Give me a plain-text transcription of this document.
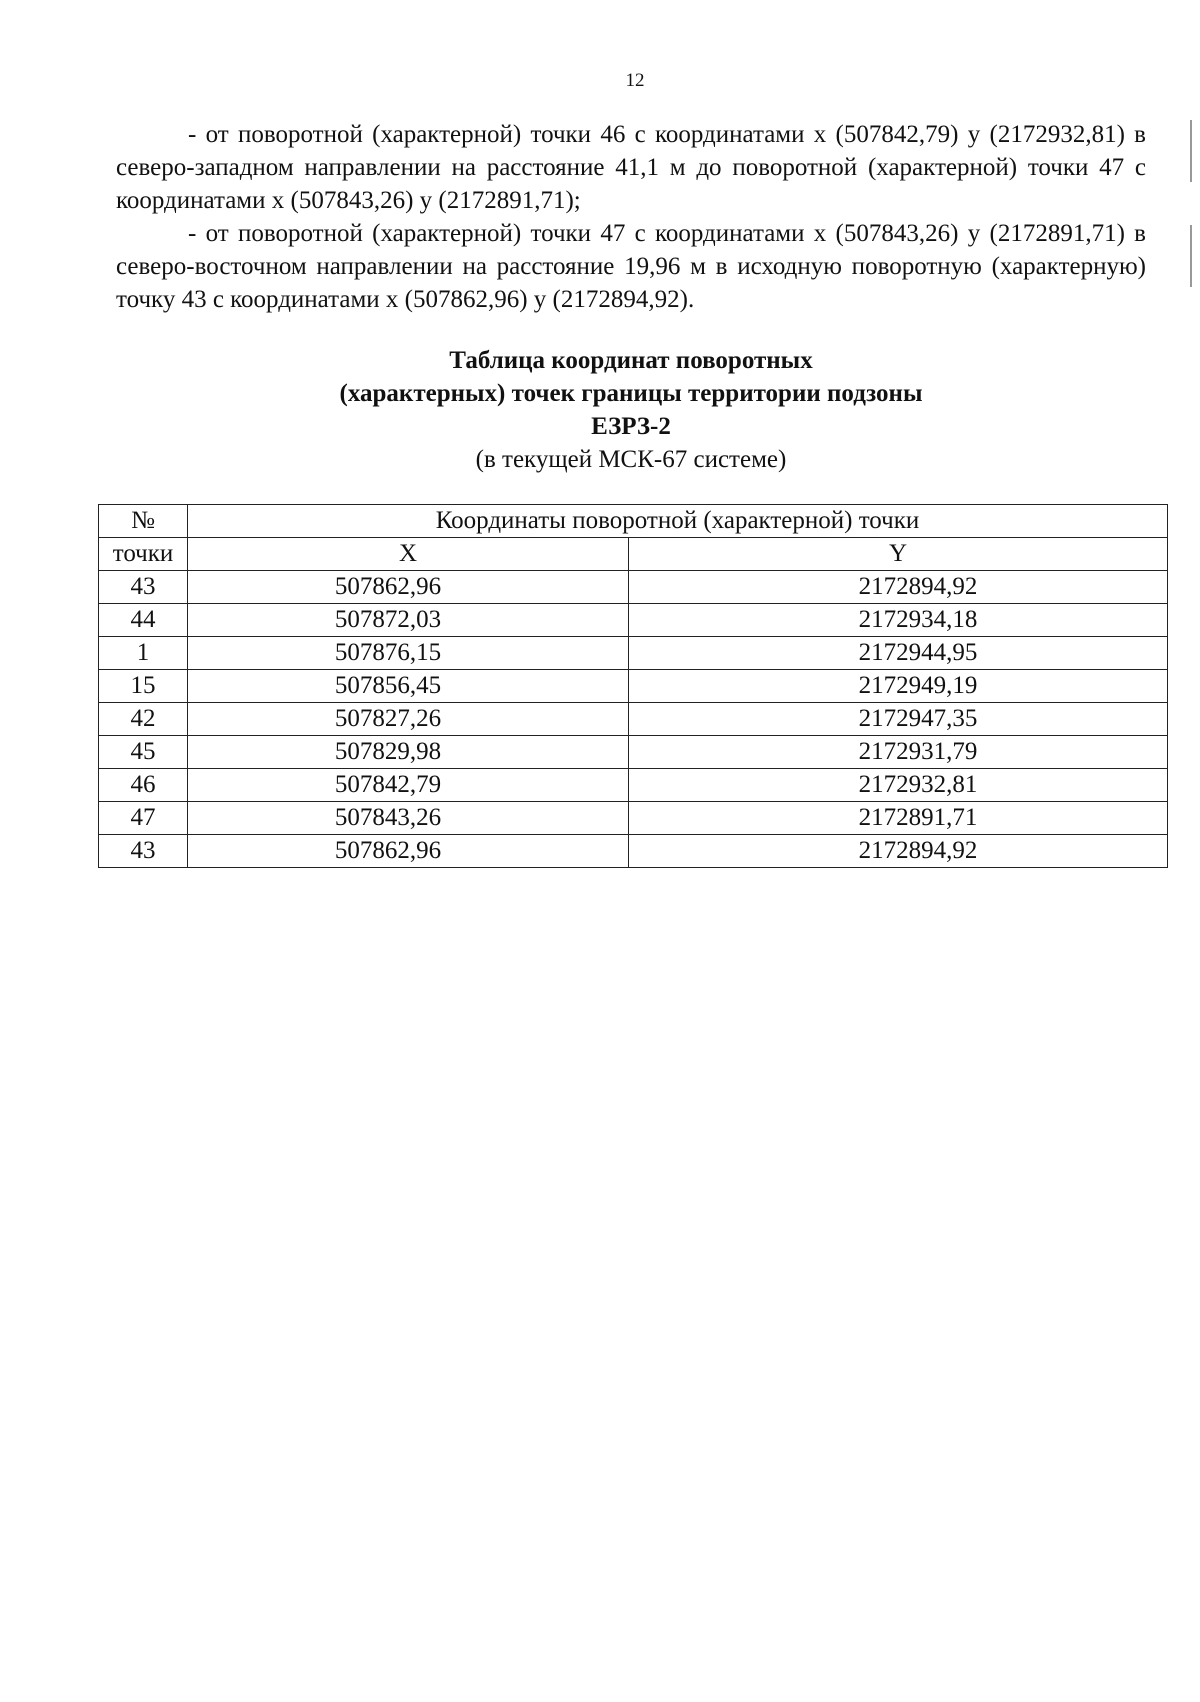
12

- от поворотной (характерной) точки 46 с координатами х (507842,79) у (2172932,81) в северо-западном направлении на расстояние 41,1 м до поворотной (характерной) точки 47 с координатами х (507843,26) у (2172891,71);

- от поворотной (характерной) точки 47 с координатами х (507843,26) у (2172891,71) в северо-восточном направлении на расстояние 19,96 м в исходную поворотную (характерную) точку 43 с координатами х (507862,96) у (2172894,92).

Таблица координат поворотных
(характерных) точек границы территории подзоны
ЕЗРЗ-2
(в текущей МСК-67 системе)
№	Координаты поворотной (характерной) точки	
точки	X	Y
43	507862,96	2172894,92
44	507872,03	2172934,18
1	507876,15	2172944,95
15	507856,45	2172949,19
42	507827,26	2172947,35
45	507829,98	2172931,79
46	507842,79	2172932,81
47	507843,26	2172891,71
43	507862,96	2172894,92
